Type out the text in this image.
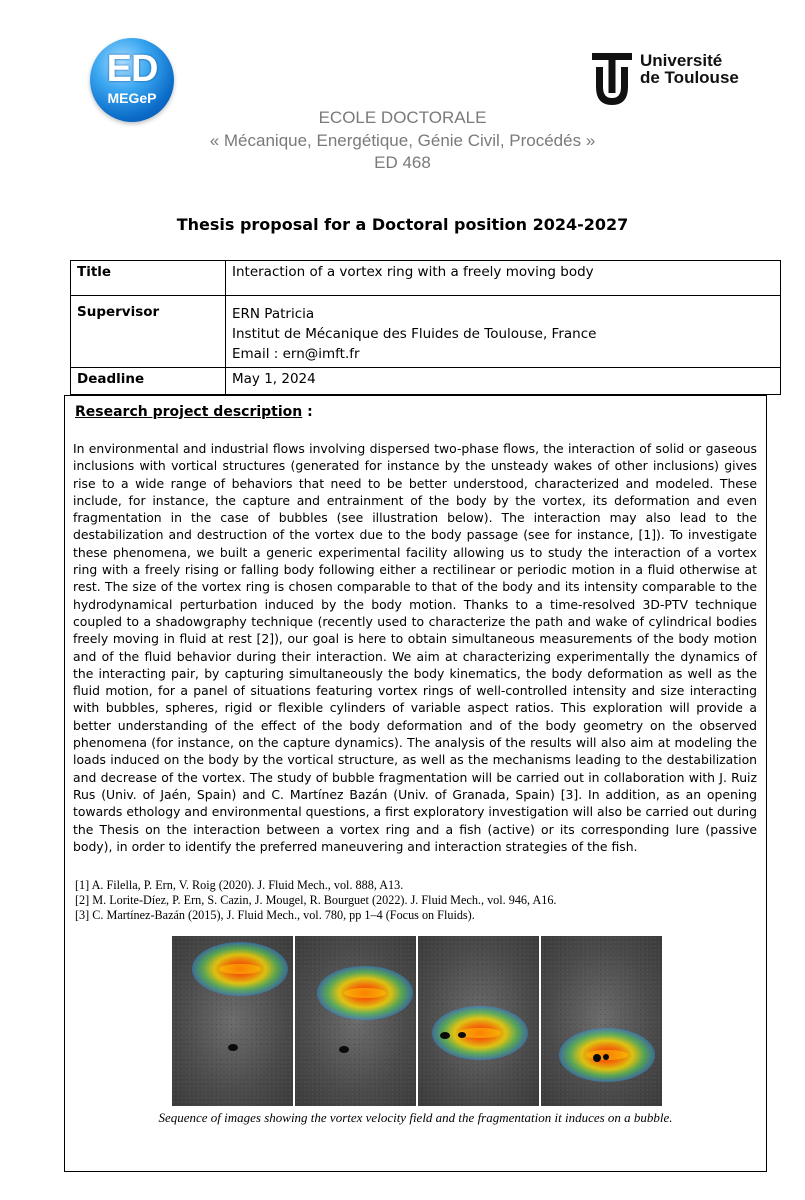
ED
MEGeP
Université
de Toulouse
ECOLE DOCTORALE
« Mécanique, Energétique, Génie Civil, Procédés »
ED 468
Thesis proposal for a Doctoral position 2024-2027
Title	Interaction of a vortex ring with a freely moving body
Supervisor	ERN Patricia
Institut de Mécanique des Fluides de Toulouse, France
Email : ern@imft.fr

Deadline	May 1, 2024
Research project description :
In environmental and industrial flows involving dispersed two-phase flows, the interaction of solid or gaseous inclusions with vortical structures (generated for instance by the unsteady wakes of other inclusions) gives rise to a wide range of behaviors that need to be better understood, characterized and modeled. These include, for instance, the capture and entrainment of the body by the vortex, its deformation and even fragmentation in the case of bubbles (see illustration below). The interaction may also lead to the destabilization and destruction of the vortex due to the body passage (see for instance, [1]). To investigate these phenomena, we built a generic experimental facility allowing us to study the interaction of a vortex ring with a freely rising or falling body following either a rectilinear or periodic motion in a fluid otherwise at rest. The size of the vortex ring is chosen comparable to that of the body and its intensity comparable to the hydrodynamical perturbation induced by the body motion. Thanks to a time-resolved 3D-PTV technique coupled to a shadowgraphy technique (recently used to characterize the path and wake of cylindrical bodies freely moving in fluid at rest [2]), our goal is here to obtain simultaneous measurements of the body motion and of the fluid behavior during their interaction. We aim at characterizing experimentally the dynamics of the interacting pair, by capturing simultaneously the body kinematics, the body deformation as well as the fluid motion, for a panel of situations featuring vortex rings of well-controlled intensity and size interacting with bubbles, spheres, rigid or flexible cylinders of variable aspect ratios. This exploration will provide a better understanding of the effect of the body deformation and of the body geometry on the observed phenomena (for instance, on the capture dynamics). The analysis of the results will also aim at modeling the loads induced on the body by the vortical structure, as well as the mechanisms leading to the destabilization and decrease of the vortex. The study of bubble fragmentation will be carried out in collaboration with J. Ruiz Rus (Univ. of Jaén, Spain) and C. Martínez Bazán (Univ. of Granada, Spain) [3]. In addition, as an opening towards ethology and environmental questions, a first exploratory investigation will also be carried out during the Thesis on the interaction between a vortex ring and a fish (active) or its corresponding lure (passive body), in order to identify the preferred maneuvering and interaction strategies of the fish.
[1] A. Filella, P. Ern, V. Roig (2020). J. Fluid Mech., vol. 888, A13.
[2] M. Lorite-Díez, P. Ern, S. Cazin, J. Mougel, R. Bourguet (2022). J. Fluid Mech., vol. 946, A16.
[3] C. Martínez-Bazán (2015), J. Fluid Mech., vol. 780, pp 1–4 (Focus on Fluids).
Sequence of images showing the vortex velocity field and the fragmentation it induces on a bubble.
